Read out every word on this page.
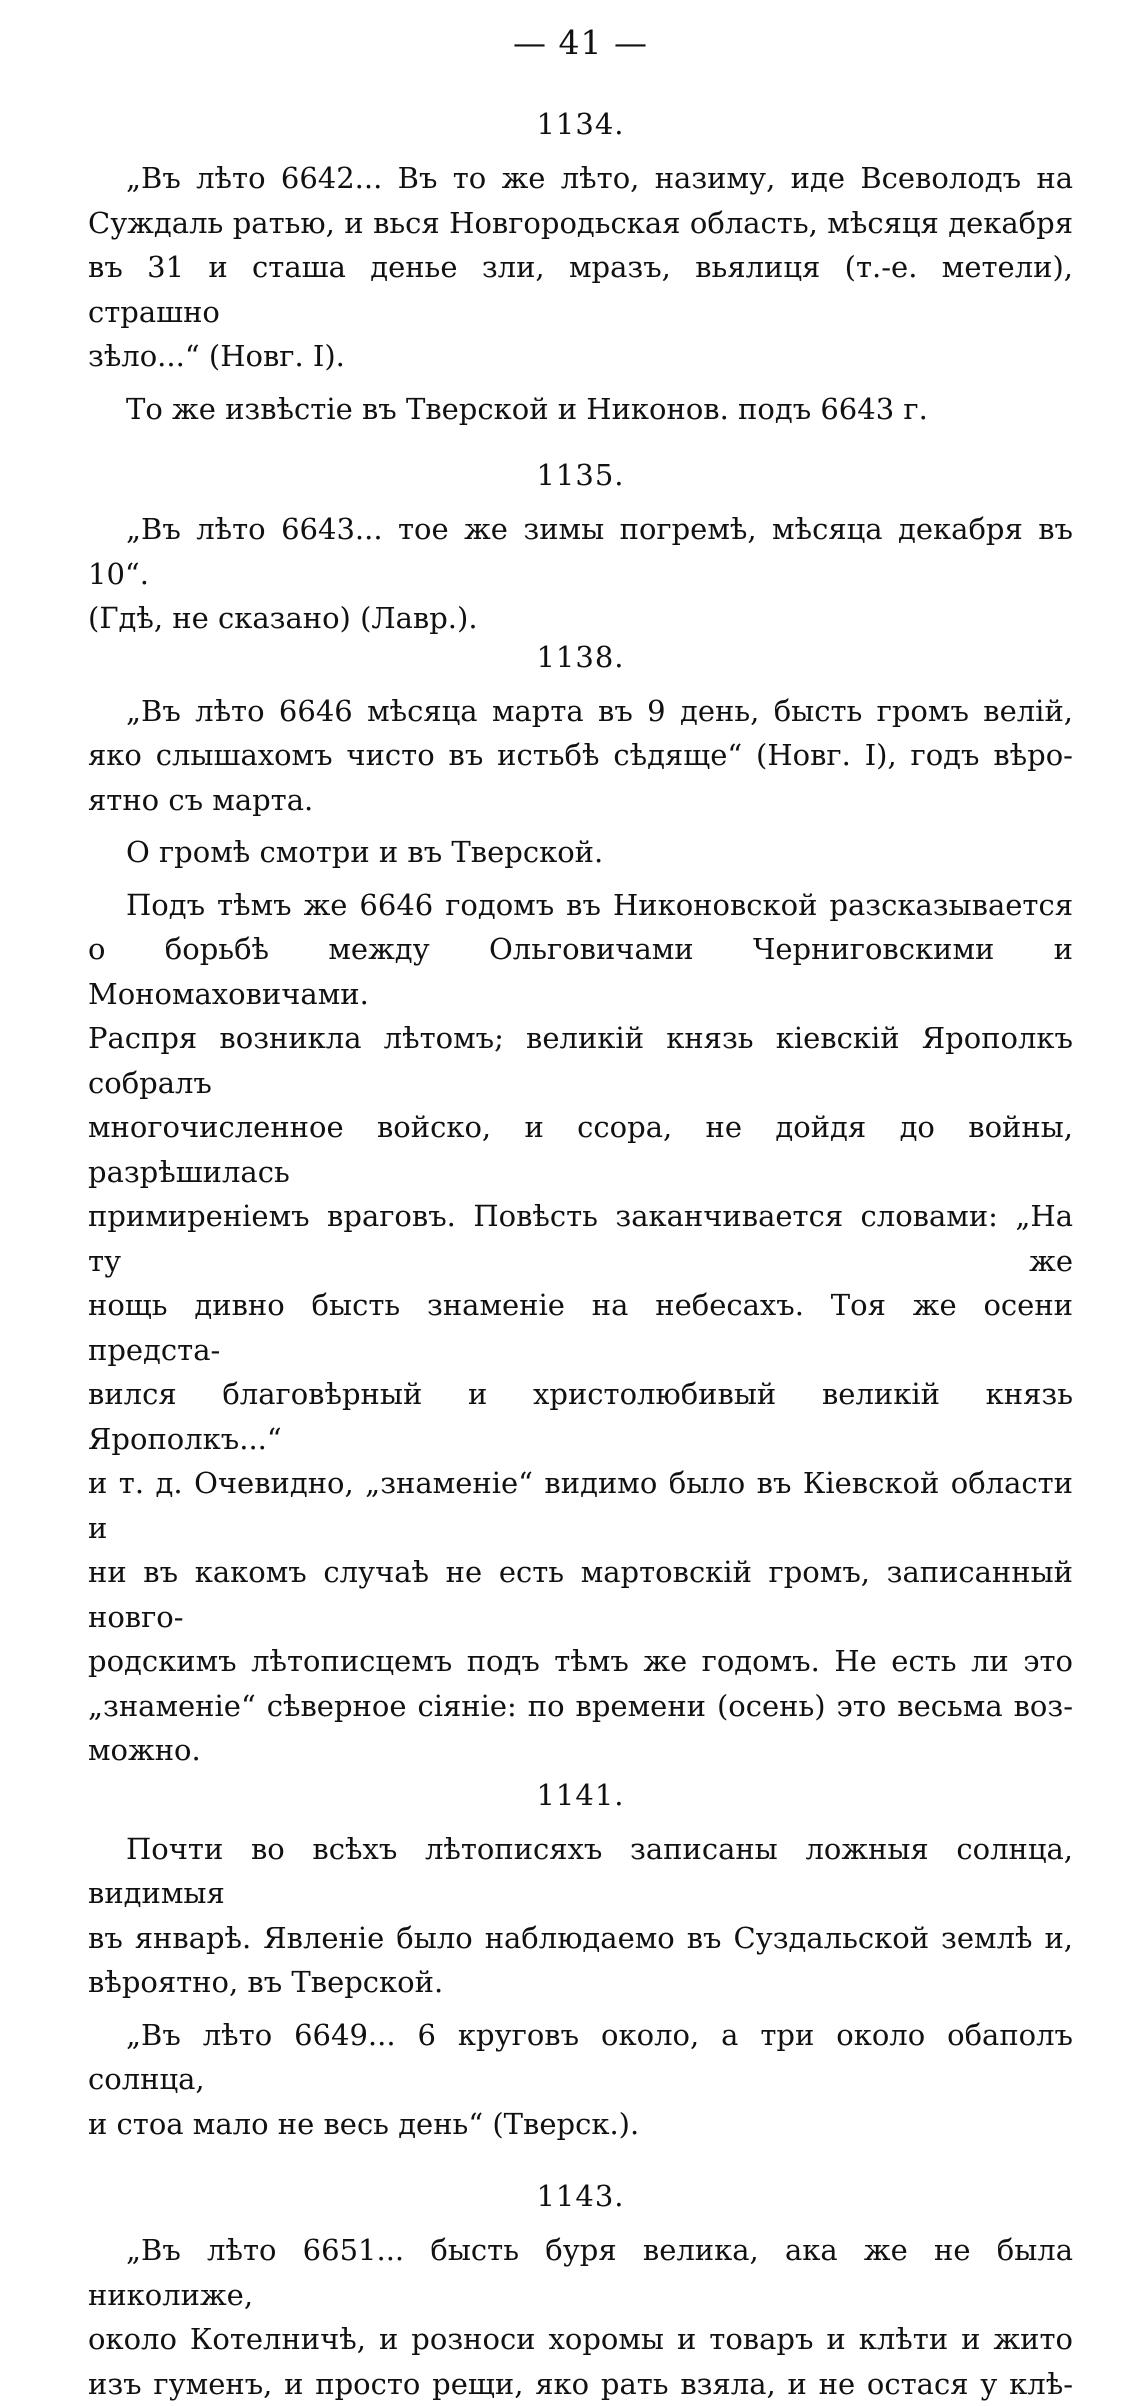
— 41 —
1134.
„Въ лѣто 6642... Въ то же лѣто, назиму, иде Всеволодъ на
Суждаль ратью, и вься Новгородьская область, мѣсяця декабря
въ 31 и сташа денье зли, мразъ, вьялиця (т.-е. метели), страшно
зѣло...“ (Новг. I).
То же извѣстіе въ Тверской и Никонов. подъ 6643 г.
1135.
„Въ лѣто 6643... тое же зимы погремѣ, мѣсяца декабря въ 10“.
(Гдѣ, не сказано) (Лавр.).
1138.
„Въ лѣто 6646 мѣсяца марта въ 9 день, бысть громъ велій,
яко слышахомъ чисто въ истьбѣ сѣдяще“ (Новг. I), годъ вѣро-
ятно съ марта.
О громѣ смотри и въ Тверской.
Подъ тѣмъ же 6646 годомъ въ Никоновской разсказывается
о борьбѣ между Ольговичами Черниговскими и Мономаховичами.
Распря возникла лѣтомъ; великій князь кіевскій Ярополкъ собралъ
многочисленное войско, и ссора, не дойдя до войны, разрѣшилась
примиреніемъ враговъ. Повѣсть заканчивается словами: „На ту же
нощь дивно бысть знаменіе на небесахъ. Тоя же осени предста-
вился благовѣрный и христолюбивый великій князь Ярополкъ...“
и т. д. Очевидно, „знаменіе“ видимо было въ Кіевской области и
ни въ какомъ случаѣ не есть мартовскій громъ, записанный новго-
родскимъ лѣтописцемъ подъ тѣмъ же годомъ. Не есть ли это
„знаменіе“ сѣверное сіяніе: по времени (осень) это весьма воз-
можно.
1141.
Почти во всѣхъ лѣтописяхъ записаны ложныя солнца, видимыя
въ январѣ. Явленіе было наблюдаемо въ Суздальской землѣ и,
вѣроятно, въ Тверской.
„Въ лѣто 6649... 6 круговъ около, а три около обаполъ солнца,
и стоа мало не весь день“ (Тверск.).
1143.
„Въ лѣто 6651... бысть буря велика, ака же не была николиже,
около Котелничѣ, и розноси хоромы и товаръ и клѣти и жито
изъ гуменъ, и просто рещи, яко рать взяла, и не остася у клѣ-
